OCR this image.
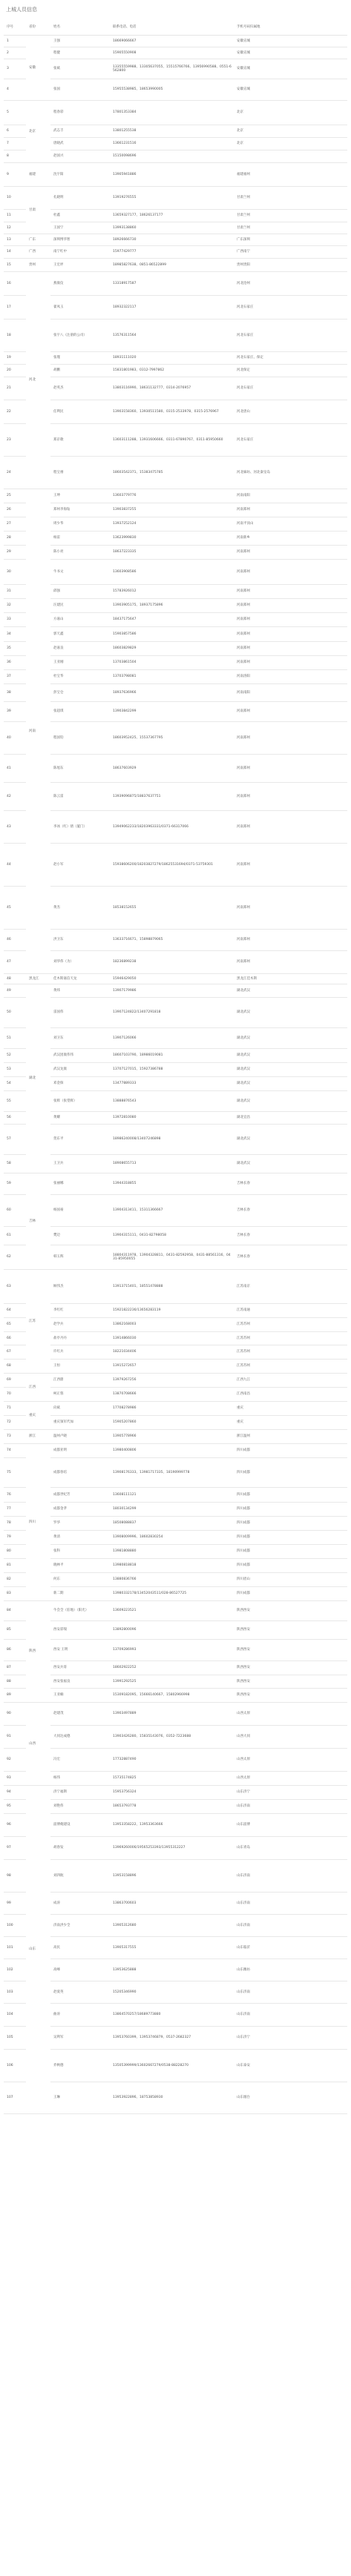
上城人员信息
序号	省份	姓名	联系电话、电话	手机号码归属地
1	安徽	王强	18669066667	安徽宣城
2		程健	15905550908	安徽宣城
3		张斌	13355559988、13305637055、15515766766、13956990588、0551-6562800	安徽宣城
4		张国	15955538985、18653990005	安徽宣城
5	北京	程春彩	17801353384	北京
6		武志丰	13801255538	北京
7		唐晓武	13661231516	北京
8		赵国兴	15150098696	
9	福建	沈宇阳	13905941886	福建福州
10	甘肃	孔晓明	13919276555	甘肃兰州
11		杜鑫	13659327177、18626137177	甘肃兰州
12		王国宁	13993138860	甘肃兰州
13	广东	深圳博华智	18926666730	广东深圳
14	广西	南宁红中	15977429777	广西南宁
15	贵州	王宏坪	18985827638、0851-86522899	贵州贵阳
16	河北	燕康仪	13318917587	河北沧州
17		翟凤玉	18932322117	河北石家庄
18		张宇八（注册的公司）	13576311564	河北石家庄
19		张瑾	18931111020	河北石家庄、保定
20		胡鹏	15831801983、0312-7997862	河北保定
21		赵英杰	13803116990、18631132777、0314-2076957	河北石家庄
22		任利民	13903158360、13930511580、0315-2533978、0315-2576967	河北唐山
23		郑京歌	13603111288、13931606666、0311-67890767、0311-85950660	河北石家庄
24		程宝禧	18603542371、15383475785	河北廊坊、河北秦皇岛
25	河南	王坤	13603779776	河南南阳
26		郑州李海钻	13903837255	河南郑州
27		周少华	13937252124	河南平顶山
28		杨雷	13623999830	河南新乡
29		陈小亮	18637223335	河南郑州
30		牛书文	13603908586	河南郑州
31		邱强	15783926012	河南郑州
32		汪建民	13903905175、18937175896	河南郑州
33		方嘉山	18437175647	河南郑州
34		郭天鑫	15903857586	河南郑州
35		赵嘉良	18603829829	河南郑州
36		王亚刚	13703861504	河南郑州
37		杜宝华	13703798081	河南洛阳
38		彭宝仓	18937636966	河南南阳
39		张超琪	13903842299	河南郑州
40		程国钧	18603952425、15537367795	河南郑州
41		陈旭东	18637603929	河南郑州
42		陈云雷	13939096875/18837637751	河南郑州
43		李冰（红）倩（厦门）	13949062233/18203963331/0371-66317066	河南郑州
44		赵小军	15938606200/18203827279/18625531694/0371-53759301	河南郑州
45		黄杰	18538152655	河南郑州
46		洪卫东	13633716671、15898879065	河南郑州
47		刘华伟（为）	18236899238	河南郑州
48	黑龙江	佳木斯嘉信天龙	15946429050	黑龙江佳木斯
49	湖北	黄炜	13907179986	湖北武汉
50		雷国伟	13907124822/13407291818	湖北武汉
51		刘卫东	13907126066	湖北武汉
52		武汉团康伟伟	18607103790、18986019081	湖北武汉
53		武汉龙康	13707127015、15927386788	湖北武汉
54		邓金保	13477889333	湖北武汉
55		张辉（张望辉）	13888876543	湖北武汉
56		黄耀	13972810080	湖北宜昌
57		贺东平	18986240008/13407246898	湖北武汉
58		王卫兵	18908655713	湖北武汉
59	吉林	张丽娜	13944318855	吉林长春
60		杨国豪	13904313411、15311366667	吉林长春
61		樊迈	13904315111、0431-82798058	吉林长春
62		韩玉辉	18804311978、13904328811、0431-82592958、0431-88561316、0431-85950055	吉林长春
63	江苏	顾伟杰	13913715401、18551478888	江苏南京
64		李红红	15921822236/13656283119	江苏南通
65		赵学兵	13862168003	江苏苏州
66		盐亭丹丹	13914866030	江苏苏州
67		许红兵	18221034406	江苏苏州
68		王恒	13915272657	江苏苏州
69	江西	江西鼎	13979267256	江西九江
70		柯正蓉	13870708666	江西南昌
71	重庆	向斌	17708278986	重庆
72		重庆领军代加	15905207860	重庆
73	浙江	温州卢晓	13905778966	浙江温州
74	四川	成都亚明	13980400806	四川成都
75		成都春培	13908176333、13981717335、18190999778	四川成都
76		成都世纪芳	13608111121	四川成都
77		成都金孝	18030134299	四川成都
78		罗华	18508088837	四川成都
79		黄清	13908009996、18602830254	四川成都
80		张科	13981808880	四川成都
81		晓林平	13980818818	四川成都
82		何东	13880836766	四川眉山
83		新二期	13980332178/13452043511/028-86527725	四川成都
84	陕西	牛会全（驻地）（阳光）	13609223521	陕西西安
85		西安彩瑞	13892800096	陕西西安
86		西安 王明	13709286993	陕西西安
87		西安兵哥	18602922252	陕西西安
88		西安张福良	13991292525	陕西西安
89		王亚楠	15309182095、15666140667、15802966998	陕西西安
90	山西	赵建茂	13903497889	山西太原
91		大同达成德	13903426280、15835143076、0352-7223688	山西大同
92		冯宏	17732887490	山西太原
93		杨伟	15735174825	山西太原
94	山东	济宁福斯	15953756324	山东济宁
95		刘艳伟	18653793778	山东济南
96		淄博俺建设	13953358222、13953363666	山东淄博
97		胡春发	13969260006/19565253393/13955312227	山东青岛
98		刘四航	13953158896	山东济南
99		成涛	13863700603	山东济南
100		济南洪少全	13905312680	山东济南
101		高民	13905317555	山东临沂
102		高峰	13953625888	山东潍坊
103		赵爱英	15205346990	山东济南
104		曲涛	13864570257/18689773880	山东济南
105		吴利军	13953760399、13953746879、0537-2682327	山东济宁
106		乔秋德	13505399999/13602667279/0538-88228270	山东泰安
107		王琳	13953922896、18753858930	山东烟台
